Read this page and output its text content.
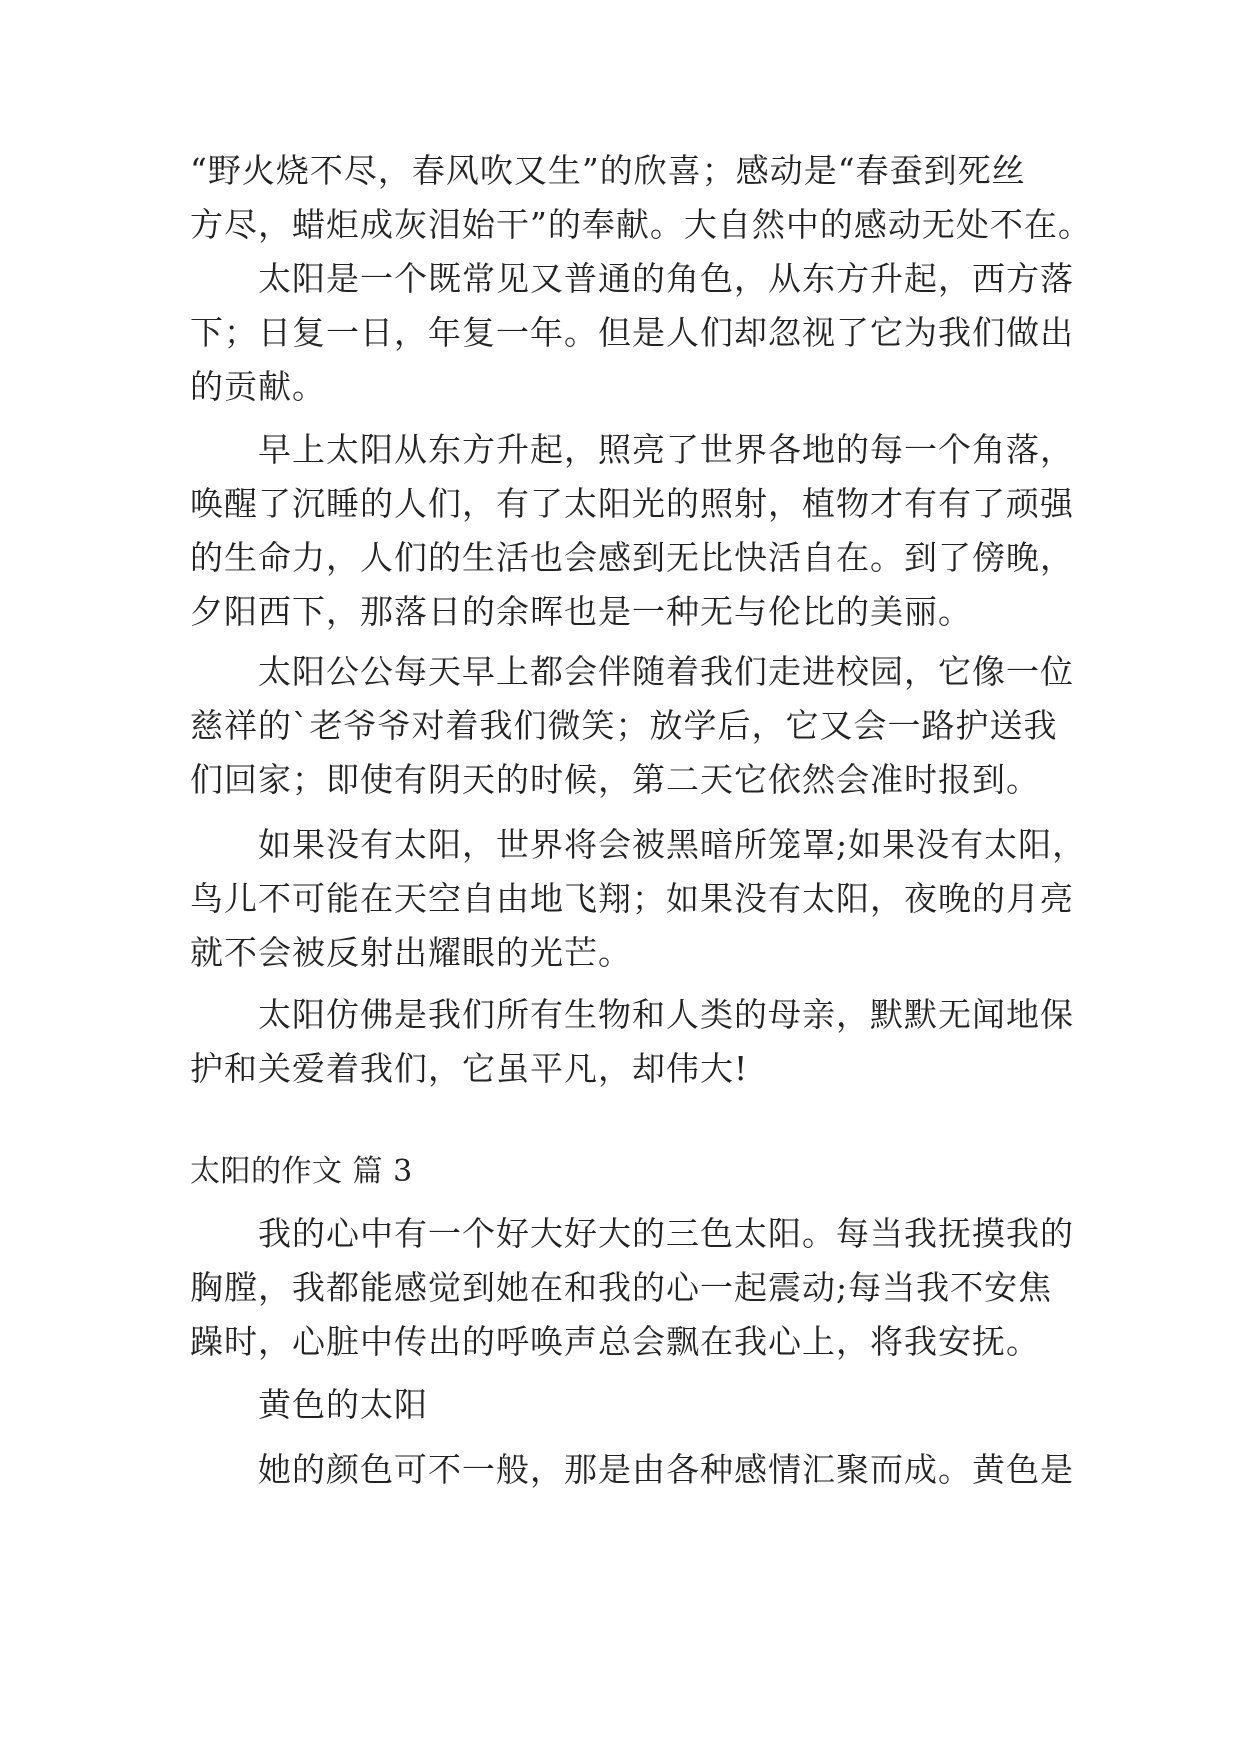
“野火烧不尽，春风吹又生”的欣喜；感动是“春蚕到死丝
方尽，蜡炬成灰泪始干”的奉献。大自然中的感动无处不在。
　　太阳是一个既常见又普通的角色，从东方升起，西方落
下；日复一日，年复一年。但是人们却忽视了它为我们做出
的贡献。
　　早上太阳从东方升起，照亮了世界各地的每一个角落，
唤醒了沉睡的人们，有了太阳光的照射，植物才有有了顽强
的生命力，人们的生活也会感到无比快活自在。到了傍晚，
夕阳西下，那落日的余晖也是一种无与伦比的美丽。
　　太阳公公每天早上都会伴随着我们走进校园，它像一位
慈祥的`老爷爷对着我们微笑；放学后，它又会一路护送我
们回家；即使有阴天的时候，第二天它依然会准时报到。
　　如果没有太阳，世界将会被黑暗所笼罩;如果没有太阳，
鸟儿不可能在天空自由地飞翔；如果没有太阳，夜晚的月亮
就不会被反射出耀眼的光芒。
　　太阳仿佛是我们所有生物和人类的母亲，默默无闻地保
护和关爱着我们，它虽平凡，却伟大!
太阳的作文 篇 3
　　我的心中有一个好大好大的三色太阳。每当我抚摸我的
胸膛，我都能感觉到她在和我的心一起震动;每当我不安焦
躁时，心脏中传出的呼唤声总会飘在我心上，将我安抚。
　　黄色的太阳
　　她的颜色可不一般，那是由各种感情汇聚而成。黄色是
